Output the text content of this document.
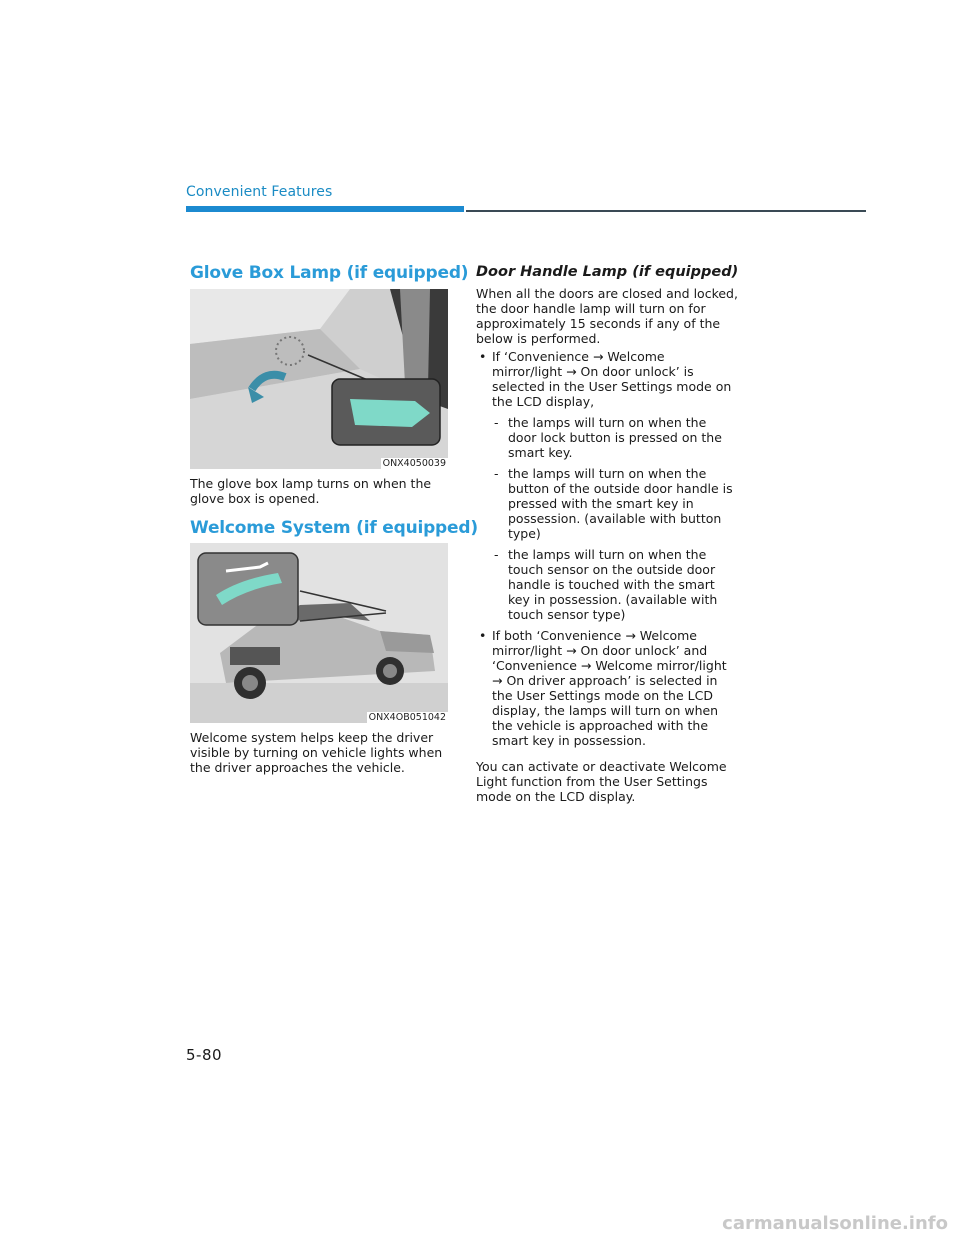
Convenient Features
Glove Box Lamp (if equipped)
ONX4050039
The glove box lamp turns on when the glove box is opened.
Welcome System (if equipped)
ONX4OB051042
Welcome system helps keep the driver visible by turning on vehicle lights when the driver approaches the vehicle.
Door Handle Lamp (if equipped)
When all the doors are closed and locked, the door handle lamp will turn on for approximately 15 seconds if any of the below is performed.
• If ‘Convenience → Welcome mirror/light → On door unlock’ is selected in the User Settings mode on the LCD display,
- the lamps will turn on when the door lock button is pressed on the smart key.
- the lamps will turn on when the button of the outside door handle is pressed with the smart key in possession. (available with button type)
- the lamps will turn on when the touch sensor on the outside door handle is touched with the smart key in possession. (available with touch sensor type)
• If both ‘Convenience → Welcome mirror/light → On door unlock’ and ‘Convenience → Welcome mirror/light → On driver approach’ is selected in the User Settings mode on the LCD display, the lamps will turn on when the vehicle is approached with the smart key in possession.
You can activate or deactivate Welcome Light function from the User Settings mode on the LCD display.
5-80
carmanualsonline.info
